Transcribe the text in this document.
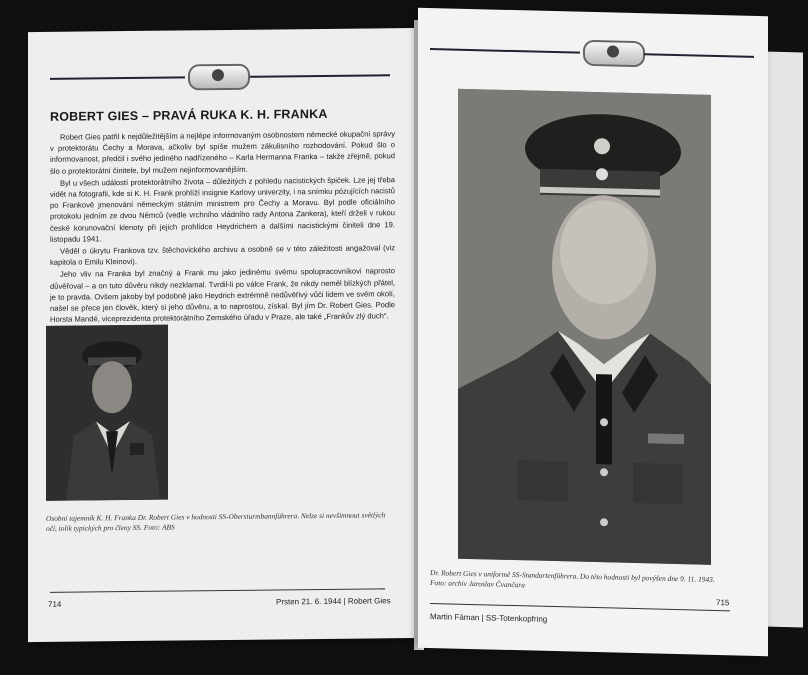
ROBERT GIES – PRAVÁ RUKA K. H. FRANKA

Robert Gies patřil k nejdůležitějším a nejlépe informovaným osobnostem německé okupační správy v protektorátu Čechy a Morava, ačkoliv byl spíše mužem zákulisního rozhodování. Pokud šlo o informovanost, předčil i svého jediného nadřízeného – Karla Hermanna Franka – takže zřejmě, pokud šlo o protektorátní činitele, byl mužem nejinformovanějším.

Byl u všech událostí protektorátního života – důležitých z pohledu nacistických špiček. Lze jej třeba vidět na fotografii, kde si K. H. Frank prohlíží insignie Karlovy univerzity, i na snímku pózujících nacistů po Frankově jmenování německým státním ministrem pro Čechy a Moravu. Byl podle oficiálního protokolu jedním ze dvou Němců (vedle vrchního vládního rady Antona Zankera), kteří drželi v rukou české korunovační klenoty při jejich prohlídce Heydrichem a dalšími nacistickými činiteli dne 19. listopadu 1941.

Věděl o úkrytu Frankova tzv. štěchovického archivu a osobně se v této záležitosti angažoval (viz kapitola o Emilu Kleinovi).

Jeho vliv na Franka byl značný a Frank mu jako jedinému svému spolupracovníkovi naprosto důvěřoval – a on tuto důvěru nikdy nezklamal. Tvrdil-li po válce Frank, že nikdy neměl blízkých přátel, je to pravda. Ovšem jakoby byl podobně jako Heydrich extrémně nedůvěřivý vůči lidem ve svém okolí, našel se přece jen člověk, který si jeho důvěru, a to naprostou, získal. Byl jím Dr. Robert Gies. Podle Horsta Mandé, viceprezidenta protektorátního Zemského úřadu v Praze, ale také „Frankův zlý duch“.

Osobní tajemník K. H. Franka Dr. Robert Gies v hodnosti SS-Obersturmbannführera. Nelze si nevšimnout světlých očí, tolik typických pro členy SS. Foto: ABS
714	Prsten 21. 6. 1944 | Robert Gies
Dr. Robert Gies v uniformě SS-Standartenführera. Do této hodnosti byl povýšen dne 9. 11. 1943. Foto: archiv Jaroslav Čvančara
715
Martin Fáman | SS-Totenkopfring
